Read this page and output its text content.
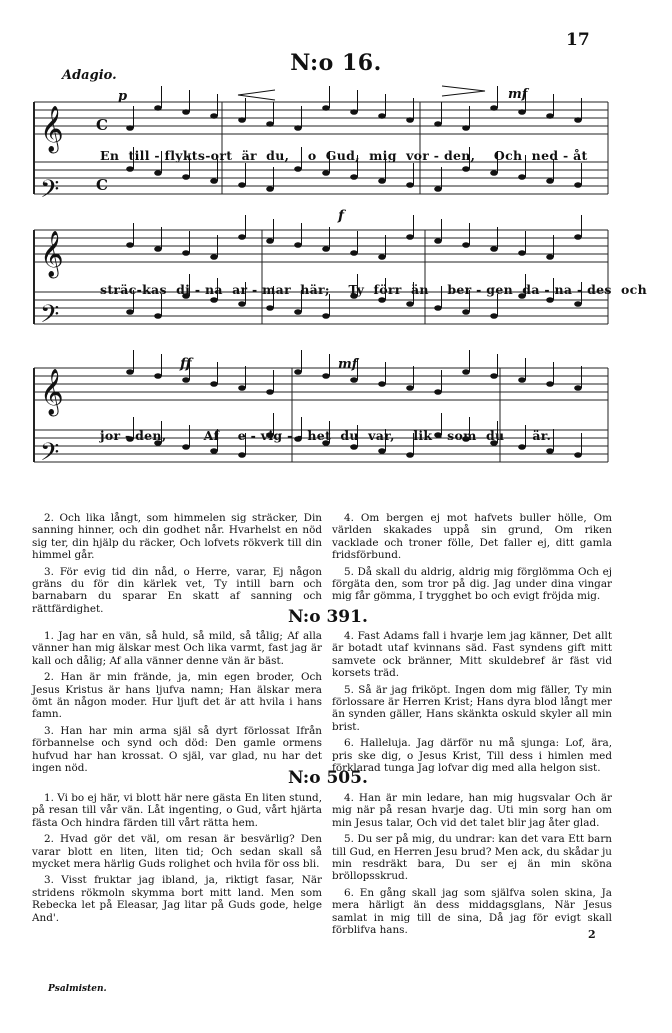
17
N:o 16.
Adagio.
p	mf
f
ff	mf
𝄞
𝄢
𝄞
𝄢
𝄞
𝄢
C
C
En  till - flykts-ort  är  du,    o  Gud,  mig  vor - den,    Och  ned - åt
sträc-kas  di - na  ar - mar  här;    Ty  förr  än    ber - gen  da - na - des  och
jor - den,        Af    e - vig - - het  du  var,    lik - som  du      är.

2. Och lika långt, som himmelen sig sträcker, Din sanning hinner, och din godhet når. Hvarhelst en nöd sig ter, din hjälp du räcker, Och lofvets rökverk till din himmel går.

3. För evig tid din nåd, o Herre, varar, Ej någon gräns du för din kärlek vet, Ty intill barn och barnabarn du sparar En skatt af sanning och rättfärdighet.

4. Om bergen ej mot hafvets buller hölle, Om världen skakades uppå sin grund, Om riken vacklade och troner fölle, Det faller ej, ditt gamla fridsförbund.

5. Då skall du aldrig, aldrig mig förglömma Och ej förgäta den, som tror på dig. Jag under dina vingar mig får gömma, I trygghet bo och evigt fröjda mig.

N:o 391.

1. Jag har en vän, så huld, så mild, så tålig; Af alla vänner han mig älskar mest Och lika varmt, fast jag är kall och dålig; Af alla vänner denne vän är bäst.

2. Han är min frände, ja, min egen broder, Och Jesus Kristus är hans ljufva namn; Han älskar mera ömt än någon moder. Hur ljuft det är att hvila i hans famn.

3. Han har min arma själ så dyrt förlossat Ifrån förbannelse och synd och död: Den gamle ormens hufvud har han krossat. O själ, var glad, nu har det ingen nöd.

4. Fast Adams fall i hvarje lem jag känner, Det allt är botadt utaf kvinnans säd. Fast syndens gift mitt samvete ock bränner, Mitt skuldebref är fäst vid korsets träd.

5. Så är jag friköpt. Ingen dom mig fäller, Ty min förlossare är Herren Krist; Hans dyra blod långt mer än synden gäller, Hans skänkta oskuld skyler all min brist.

6. Halleluja. Jag därför nu må sjunga: Lof, ära, pris ske dig, o Jesus Krist, Till dess i himlen med förklarad tunga Jag lofvar dig med alla helgon sist.

N:o 505.

1. Vi bo ej här, vi blott här nere gästa En liten stund, på resan till vår vän. Låt ingenting, o Gud, vårt hjärta fästa Och hindra färden till vårt rätta hem.

2. Hvad gör det väl, om resan är besvärlig? Den varar blott en liten, liten tid; Och sedan skall så mycket mera härlig Guds rolighet och hvila för oss bli.

3. Visst fruktar jag ibland, ja, riktigt fasar, När stridens rökmoln skymma bort mitt land. Men som Rebecka let på Eleasar, Jag litar på Guds gode, helge And'.

4. Han är min ledare, han mig hugsvalar Och är mig när på resan hvarje dag. Uti min sorg han om min Jesus talar, Och vid det talet blir jag åter glad.

5. Du ser på mig, du undrar: kan det vara Ett barn till Gud, en Herren Jesu brud? Men ack, du skådar ju min resdräkt bara, Du ser ej än min sköna bröllopsskrud.

6. En gång skall jag som själfva solen skina, Ja mera härligt än dess middagsglans, När Jesus samlat in mig till de sina, Då jag för evigt skall förblifva hans.	2
Psalmisten.
